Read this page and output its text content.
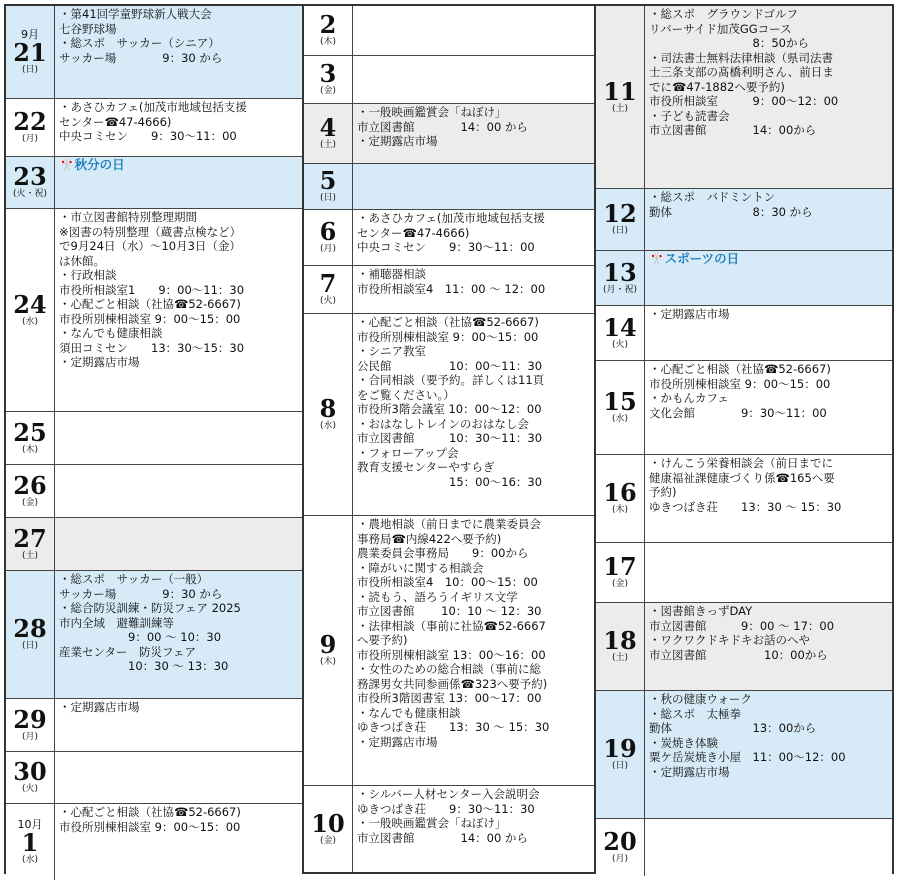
9月
21
(日)
・第41回学童野球新人戦大会
七谷野球場
・総スポ　サッカー（シニア）
サッカー場　　　　9：30 から
22
(月)
・あさひカフェ(加茂市地域包括支援
センター☎47-4666)
中央コミセン　　9：30～11：00
23
(火・祝)
🎌秋分の日
24
(水)
・市立図書館特別整理期間
※図書の特別整理（蔵書点検など）
で9月24日（水）～10月3日（金）
は休館。
・行政相談
市役所相談室1　　9：00～11：30
・心配ごと相談（社協☎52-6667)
市役所別棟相談室 9：00～15：00
・なんでも健康相談
須田コミセン　　13：30～15：30
・定期露店市場
25
(木)
26
(金)
27
(土)
28
(日)
・総スポ　サッカー（一般）
サッカー場　　　　9：30 から
・総合防災訓練・防災フェア 2025
市内全域　避難訓練等
　　　　　　9：00 ～ 10：30
産業センター　防災フェア
　　　　　　10：30 ～ 13：30
29
(月)
・定期露店市場
30
(火)
10月
1
(水)
・心配ごと相談（社協☎52-6667)
市役所別棟相談室 9：00～15：00
2
(木)
3
(金)
4
(土)
・一般映画鑑賞会「ねぼけ」
市立図書館　　　　14：00 から
・定期露店市場
5
(日)
6
(月)
・あさひカフェ(加茂市地域包括支援
センター☎47-4666)
中央コミセン　　9：30～11：00
7
(火)
・補聴器相談
市役所相談室4　11：00 ～ 12：00
8
(水)
・心配ごと相談（社協☎52-6667)
市役所別棟相談室 9：00～15：00
・シニア教室
公民館　　　　　10：00～11：30
・合同相談（要予約。詳しくは11頁
をご覧ください。）
市役所3階会議室 10：00～12：00
・おはなしトレインのおはなし会
市立図書館　　　10：30～11：30
・フォローアップ会
教育支援センターやすらぎ
　　　　　　　　15：00～16：30
9
(木)
・農地相談（前日までに農業委員会
事務局☎内線422へ要予約)
農業委員会事務局　　9：00から
・障がいに関する相談会
市役所相談室4　10：00～15：00
・読もう、語ろうイギリス文学
市立図書館　　 10：10 ～ 12：30
・法律相談（事前に社協☎52-6667
へ要予約)
市役所別棟相談室 13：00～16：00
・女性のための総合相談（事前に総
務課男女共同参画係☎323へ要予約)
市役所3階図書室 13：00～17：00
・なんでも健康相談
ゆきつばき荘　　13：30 ～ 15：30
・定期露店市場
10
(金)
・シルバー人材センター入会説明会
ゆきつばき荘　　9：30～11：30
・一般映画鑑賞会「ねぼけ」
市立図書館　　　　14：00 から
11
(土)
・総スポ　グラウンドゴルフ
リバーサイド加茂GGコース
　　　　　　　　　8：50から
・司法書士無料法律相談（県司法書
士三条支部の髙橋利明さん、前日ま
でに☎47-1882へ要予約)
市役所相談室　　　9：00～12：00
・子ども読書会
市立図書館　　　　14：00から
12
(日)
・総スポ　バドミントン
勤体　　　　　　　8：30 から
13
(月・祝)
🎌スポーツの日
14
(火)
・定期露店市場
15
(水)
・心配ごと相談（社協☎52-6667)
市役所別棟相談室 9：00～15：00
・かもんカフェ
文化会館　　　　9：30～11：00
16
(木)
・けんこう栄養相談会（前日までに
健康福祉課健康づくり係☎165へ要
予約)
ゆきつばき荘　　13：30 ～ 15：30
17
(金)
18
(土)
・図書館きっずDAY
市立図書館　　　9：00 ～ 17：00
・ワクワクドキドキお話のへや
市立図書館　　　　　10：00から
19
(日)
・秋の健康ウォーク
・総スポ　太極拳
勤体　　　　　　　13：00から
・炭焼き体験
粟ケ岳炭焼き小屋　11：00～12：00
・定期露店市場
20
(月)
